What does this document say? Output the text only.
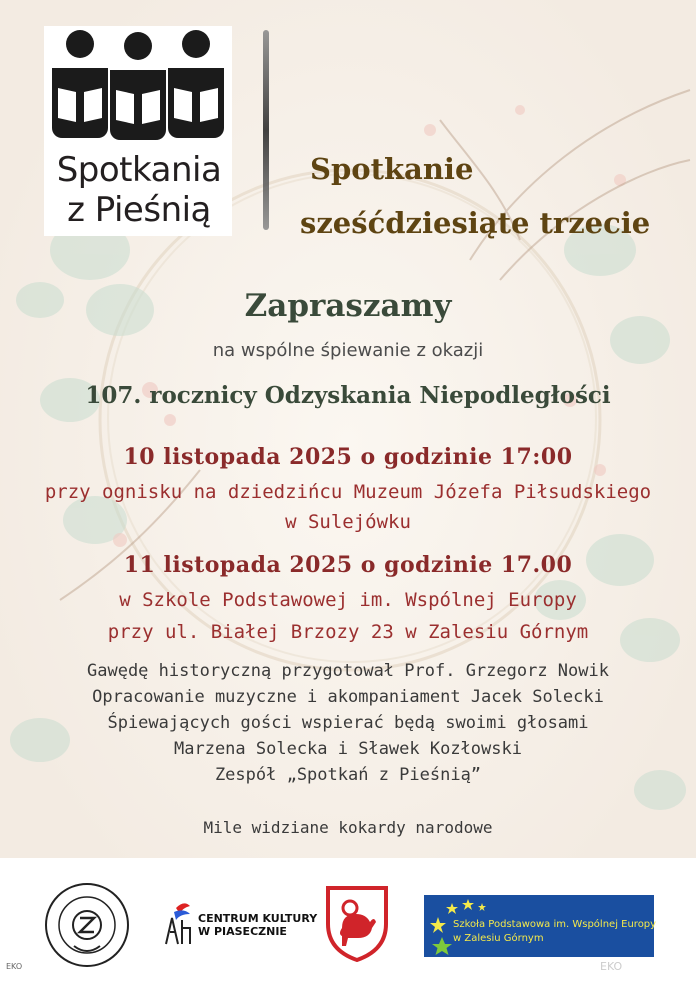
Spotkania
z Pieśnią
Spotkanie
sześćdziesiąte trzecie
Zapraszamy
na wspólne śpiewanie z okazji
107. rocznicy Odzyskania Niepodległości
10 listopada 2025 o godzinie 17:00
przy ognisku na dziedzińcu Muzeum Józefa Piłsudskiego
w Sulejówku
11 listopada 2025 o godzinie 17.00
w Szkole Podstawowej im. Wspólnej Europy
przy ul. Białej Brzozy 23 w Zalesiu Górnym
Gawędę historyczną przygotował Prof. Grzegorz Nowik
Opracowanie muzyczne i akompaniament Jacek Solecki
Śpiewających gości wspierać będą swoimi głosami
Marzena Solecka i Sławek Kozłowski
Zespół „Spotkań z Pieśnią”
Mile widziane kokardy narodowe
EKO
CENTRUM KULTURY
W PIASECZNIE
Szkoła Podstawowa im. Wspólnej Europy
w Zalesiu Górnym
EKO
